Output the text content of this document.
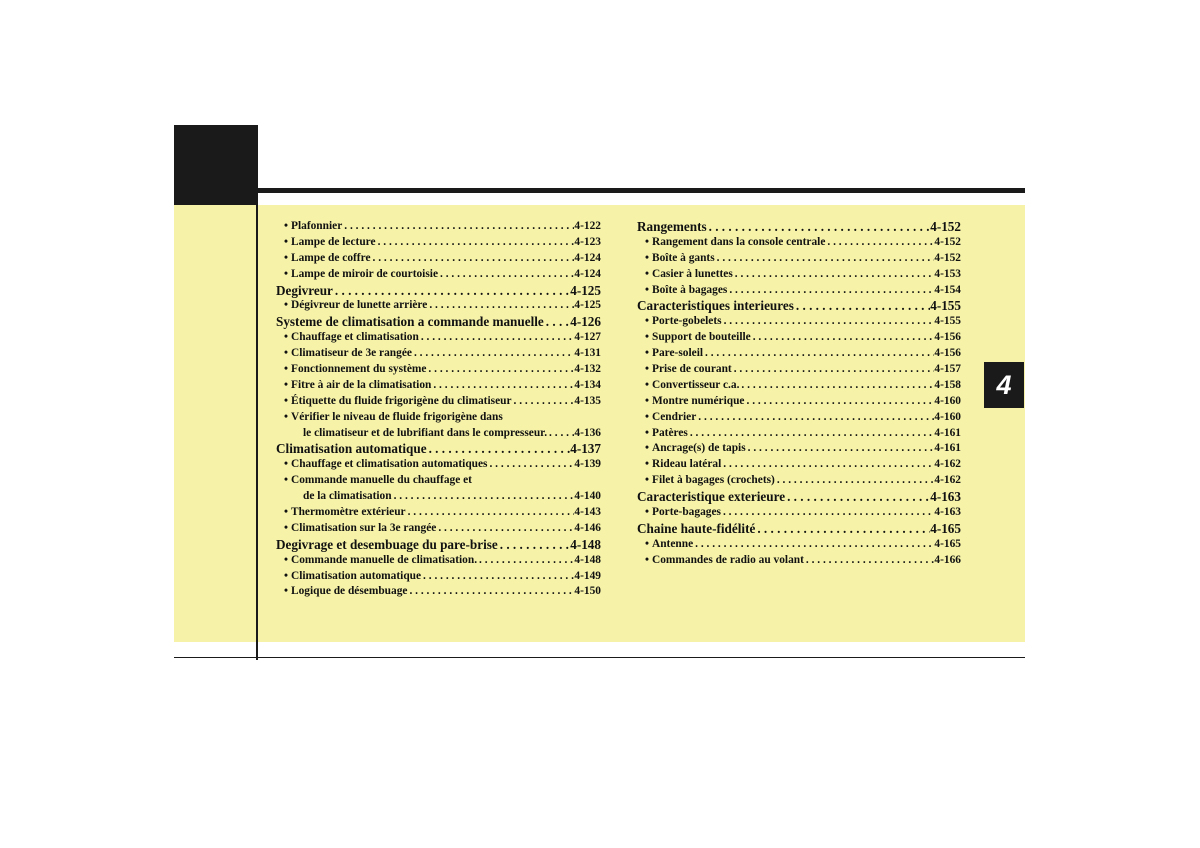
4
• Plafonnier . . .	4-122
• Lampe de lecture . . .	4-123
• Lampe de coffre . . .	4-124
• Lampe de miroir de courtoisie . . .	4-124
Degivreur . . .	4-125
• Dégivreur de lunette arrière . . .	4-125
Systeme de climatisation a commande manuelle . . . 4-126
• Chauffage et climatisation . . .	4-127
• Climatiseur de 3e rangée . . .	4-131
• Fonctionnement du système . . .	4-132
• Fitre à air de la climatisation . . .	4-134
• Étiquette du fluide frigorigène du climatiseur . . .	4-135
• Vérifier le niveau de fluide frigorigène dans
le climatiseur et de lubrifiant dans le compresseur. . . . 4-136
Climatisation automatique . . .	4-137
• Chauffage et climatisation automatiques . . .	4-139
• Commande manuelle du chauffage et
de la climatisation . . .	4-140
• Thermomètre extérieur . . .	4-143
• Climatisation sur la 3e rangée . . .	4-146
Degivrage et desembuage du pare-brise . . .	4-148
• Commande manuelle de climatisation. . . .	4-148
• Climatisation automatique . . .	4-149
• Logique de désembuage . . .	4-150
Rangements . . .	4-152
• Rangement dans la console centrale . . .	4-152
• Boîte à gants . . .	4-152
• Casier à lunettes . . .	4-153
• Boîte à bagages . . .	4-154
Caracteristiques interieures . . .	4-155
• Porte-gobelets . . .	4-155
• Support de bouteille . . .	4-156
• Pare-soleil . . .	4-156
• Prise de courant . . .	4-157
• Convertisseur c.a. . . .	4-158
• Montre numérique . . .	4-160
• Cendrier . . .	4-160
• Patères . . .	4-161
• Ancrage(s) de tapis . . .	4-161
• Rideau latéral . . .	4-162
• Filet à bagages (crochets) . . .	4-162
Caracteristique exterieure . . .	4-163
• Porte-bagages . . .	4-163
Chaine haute-fidélité . . .	4-165
• Antenne . . .	4-165
• Commandes de radio au volant . . .	4-166
